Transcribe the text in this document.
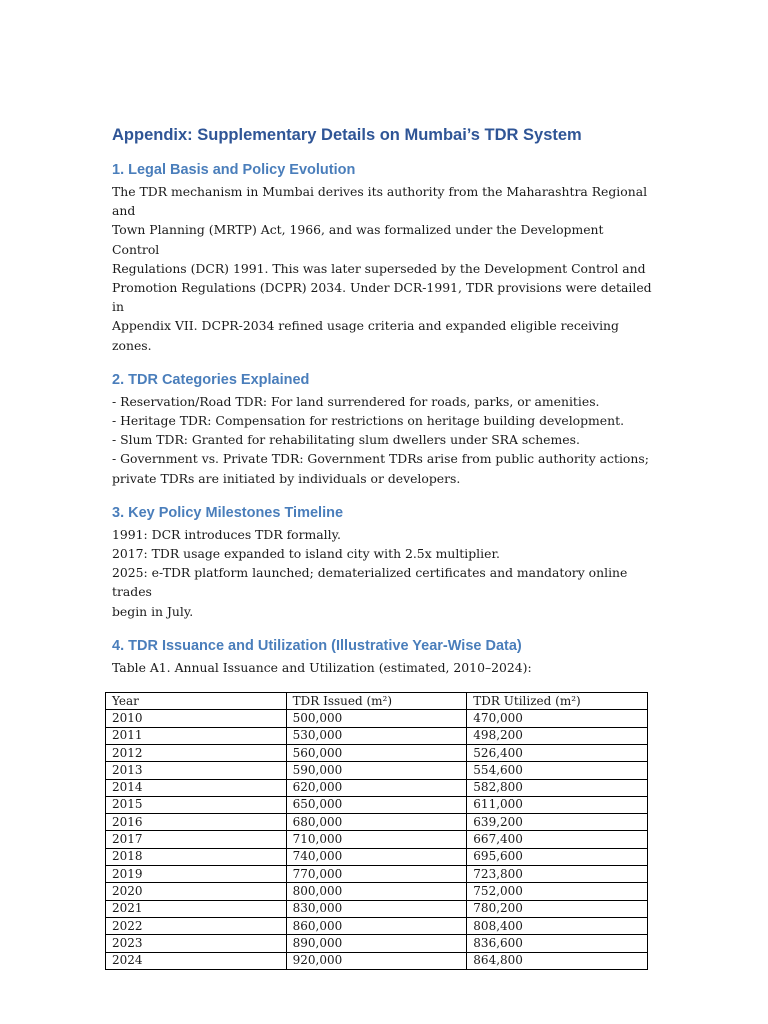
Appendix: Supplementary Details on Mumbai’s TDR System
1. Legal Basis and Policy Evolution
The TDR mechanism in Mumbai derives its authority from the Maharashtra Regional and
Town Planning (MRTP) Act, 1966, and was formalized under the Development Control
Regulations (DCR) 1991. This was later superseded by the Development Control and
Promotion Regulations (DCPR) 2034. Under DCR-1991, TDR provisions were detailed in
Appendix VII. DCPR-2034 refined usage criteria and expanded eligible receiving zones.
2. TDR Categories Explained
- Reservation/Road TDR: For land surrendered for roads, parks, or amenities.
- Heritage TDR: Compensation for restrictions on heritage building development.
- Slum TDR: Granted for rehabilitating slum dwellers under SRA schemes.
- Government vs. Private TDR: Government TDRs arise from public authority actions;
private TDRs are initiated by individuals or developers.
3. Key Policy Milestones Timeline
1991: DCR introduces TDR formally.
2017: TDR usage expanded to island city with 2.5x multiplier.
2025: e-TDR platform launched; dematerialized certificates and mandatory online trades
begin in July.
4. TDR Issuance and Utilization (Illustrative Year-Wise Data)
Table A1. Annual Issuance and Utilization (estimated, 2010–2024):
Year	TDR Issued (m²)	TDR Utilized (m²)
2010	500,000	470,000
2011	530,000	498,200
2012	560,000	526,400
2013	590,000	554,600
2014	620,000	582,800
2015	650,000	611,000
2016	680,000	639,200
2017	710,000	667,400
2018	740,000	695,600
2019	770,000	723,800
2020	800,000	752,000
2021	830,000	780,200
2022	860,000	808,400
2023	890,000	836,600
2024	920,000	864,800
